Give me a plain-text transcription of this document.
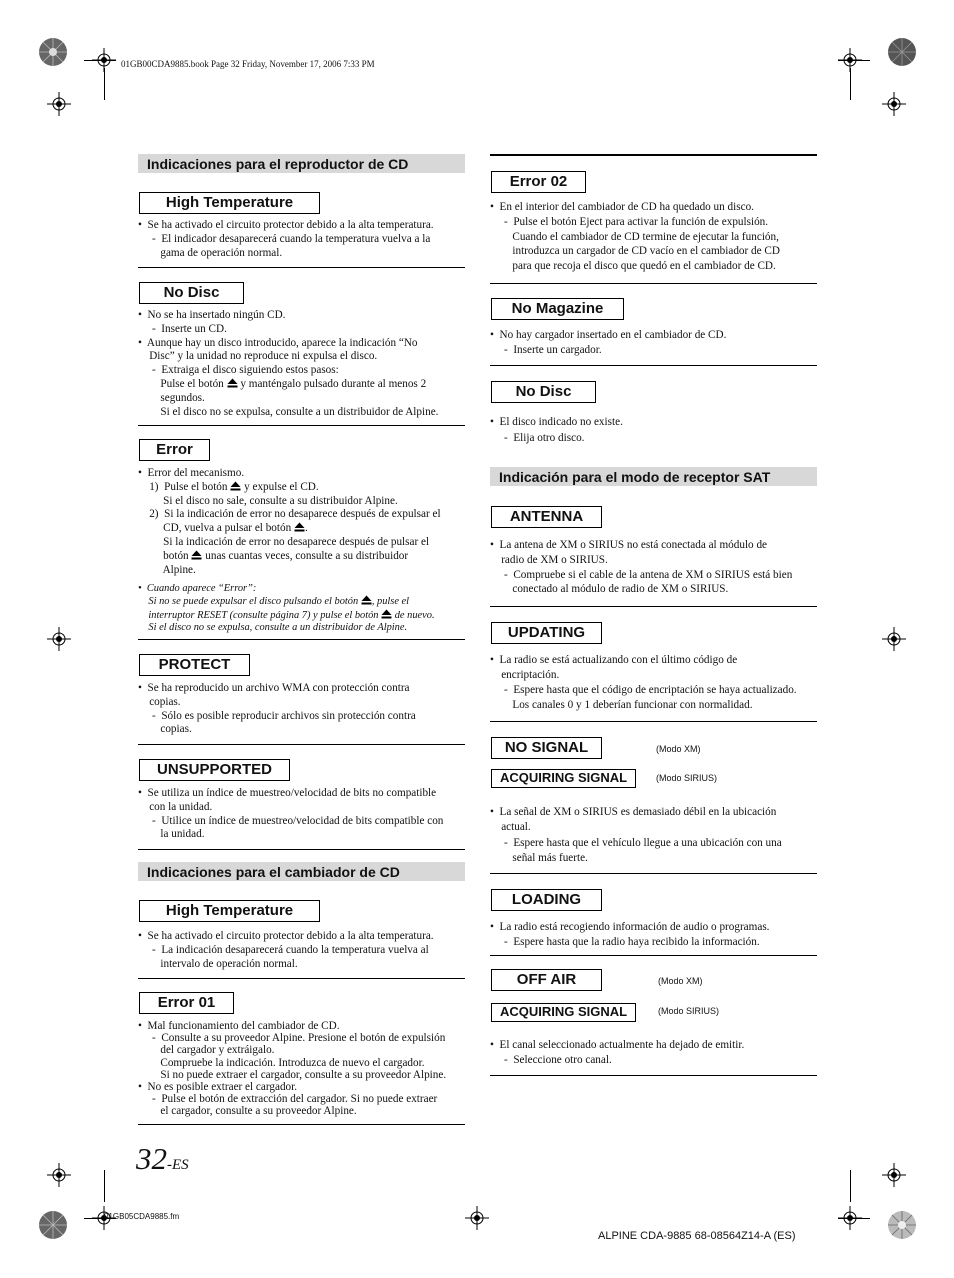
01GB00CDA9885.book Page 32 Friday, November 17, 2006 7:33 PM
Indicaciones para el reproductor de CD
High Temperature
•  Se ha activado el circuito protector debido a la alta temperatura.
-  El indicador desaparecerá cuando la temperatura vuelva a la
gama de operación normal.
No Disc
•  No se ha insertado ningún CD.
-  Inserte un CD.
•  Aunque hay un disco introducido, aparece la indicación “No
Disc” y la unidad no reproduce ni expulsa el disco.
-  Extraiga el disco siguiendo estos pasos:
Pulse el botón y manténgalo pulsado durante al menos 2
segundos.
Si el disco no se expulsa, consulte a un distribuidor de Alpine.
Error
•  Error del mecanismo.
1)  Pulse el botón y expulse el CD.
Si el disco no sale, consulte a su distribuidor Alpine.
2)  Si la indicación de error no desaparece después de expulsar el
CD, vuelva a pulsar el botón .
Si la indicación de error no desaparece después de pulsar el
botón unas cuantas veces, consulte a su distribuidor
Alpine.
•  Cuando aparece “Error”:
Si no se puede expulsar el disco pulsando el botón , pulse el
interruptor RESET (consulte página 7) y pulse el botón de nuevo.
Si el disco no se expulsa, consulte a un distribuidor de Alpine.
PROTECT
•  Se ha reproducido un archivo WMA con protección contra
copias.
-  Sólo es posible reproducir archivos sin protección contra
copias.
UNSUPPORTED
•  Se utiliza un índice de muestreo/velocidad de bits no compatible
con la unidad.
-  Utilice un índice de muestreo/velocidad de bits compatible con
la unidad.
Indicaciones para el cambiador de CD
High Temperature
•  Se ha activado el circuito protector debido a la alta temperatura.
-  La indicación desaparecerá cuando la temperatura vuelva al
intervalo de operación normal.
Error 01
•  Mal funcionamiento del cambiador de CD.
-  Consulte a su proveedor Alpine. Presione el botón de expulsión
del cargador y extráigalo.
Compruebe la indicación. Introduzca de nuevo el cargador.
Si no puede extraer el cargador, consulte a su proveedor Alpine.
•  No es posible extraer el cargador.
-  Pulse el botón de extracción del cargador. Si no puede extraer
el cargador, consulte a su proveedor Alpine.
32-ES
Error 02
•  En el interior del cambiador de CD ha quedado un disco.
-  Pulse el botón Eject para activar la función de expulsión.
Cuando el cambiador de CD termine de ejecutar la función,
introduzca un cargador de CD vacío en el cambiador de CD
para que recoja el disco que quedó en el cambiador de CD.
No Magazine
•  No hay cargador insertado en el cambiador de CD.
-  Inserte un cargador.
No Disc
•  El disco indicado no existe.
-  Elija otro disco.
Indicación para el modo de receptor SAT
ANTENNA
•  La antena de XM o SIRIUS no está conectada al módulo de
radio de XM o SIRIUS.
-  Compruebe si el cable de la antena de XM o SIRIUS está bien
conectado al módulo de radio de XM o SIRIUS.
UPDATING
•  La radio se está actualizando con el último código de
encriptación.
-  Espere hasta que el código de encriptación se haya actualizado.
Los canales 0 y 1 deberían funcionar con normalidad.
NO SIGNAL	(Modo XM)
ACQUIRING SIGNAL	(Modo SIRIUS)
•  La señal de XM o SIRIUS es demasiado débil en la ubicación
actual.
-  Espere hasta que el vehículo llegue a una ubicación con una
señal más fuerte.
LOADING
•  La radio está recogiendo información de audio o programas.
-  Espere hasta que la radio haya recibido la información.
OFF AIR	(Modo XM)
ACQUIRING SIGNAL	(Modo SIRIUS)
•  El canal seleccionado actualmente ha dejado de emitir.
-  Seleccione otro canal.
01GB05CDA9885.fm
ALPINE CDA-9885 68-08564Z14-A (ES)
